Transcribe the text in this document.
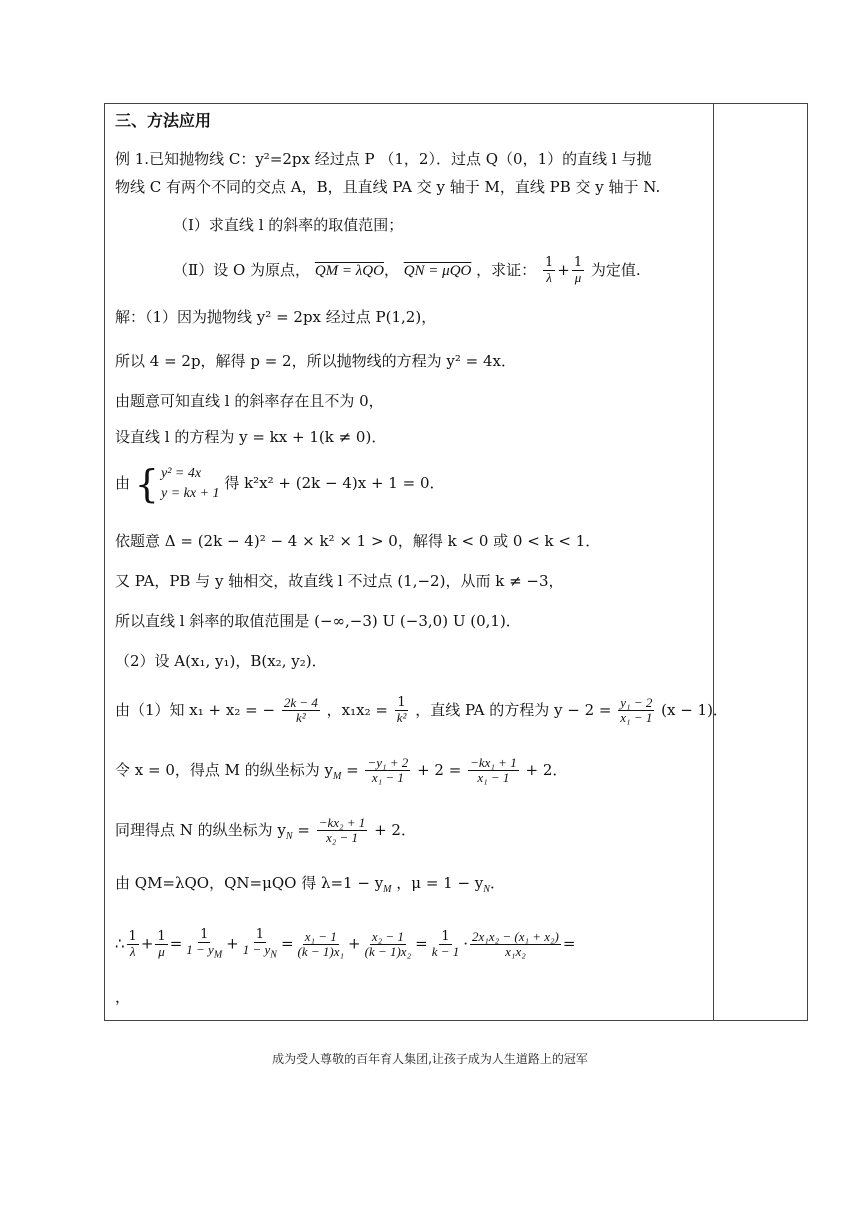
三、方法应用
例 1.已知抛物线 C：y²=2px 经过点 P （1，2）．过点 Q（0，1）的直线 l 与抛
物线 C 有两个不同的交点 A，B，且直线 PA 交 y 轴于 M，直线 PB 交 y 轴于 N.
（Ⅰ）求直线 l 的斜率的取值范围；
（Ⅱ）设 O 为原点， QM = λQO， QN = μQO ，求证： $\frac{1}{\lambda} + \frac{1}{\mu}$ 为定值.
解：（1）因为抛物线 y² = 2px 经过点 P(1,2)，
所以 4 = 2p，解得 p = 2，所以抛物线的方程为 y² = 4x．
由题意可知直线 l 的斜率存在且不为 0，
设直线 l 的方程为 y = kx + 1(k ≠ 0)．
由 { y² = 4x
y = kx + 1
得 k²x² + (2k − 4)x + 1 = 0．
依题意 Δ = (2k − 4)² − 4 × k² × 1 > 0，解得 k < 0 或 0 < k < 1．
又 PA，PB 与 y 轴相交，故直线 l 不过点 (1,−2)，从而 k ≠ −3，
所以直线 l 斜率的取值范围是 (−∞,−3) U (−3,0) U (0,1)．
（2）设 A(x₁, y₁)，B(x₂, y₂)．
由（1）知 x₁ + x₂ = − $\frac{2k - 4}{\text{k²}}$ ，$x_1x_2 = \frac{1}{\text{k²}}$ ，直线 PA 的方程为 $y - 2 = \frac{\text{y₁ − 2}}{\text{x₁ − 1}} (x - 1)$．
令 x = 0，得点 M 的纵坐标为 $y_M = \frac{\text{−y₁ + 2}}{\text{x₁ − 1}} + 2 = \frac{\text{−kx₁ + 1}}{\text{x₁ − 1}} + 2$．
同理得点 N 的纵坐标为 $y_N = \frac{\text{−kx₂ + 1}}{\text{x₂ − 1}} + 2$．
由 QM=λQO，QN=μQO 得 $\lambda=1 - y_M$ ，$\mu = 1 - y_N$．
∴ $\frac{1}{\lambda} + \frac{1}{\mu} = \frac{1}{1 - y_M} + \frac{1}{1 - y_N} = \frac{\text{x₁ − 1}}{\text{(k − 1)x₁}} + \frac{\text{x₂ − 1}}{\text{(k − 1)x₂}} = \frac{1}{k - 1} \cdot \frac{\text{2x₁x₂ − (x₁ + x₂)}}{\text{x₁x₂}}$ =
，
成为受人尊敬的百年育人集团,让孩子成为人生道路上的冠军
